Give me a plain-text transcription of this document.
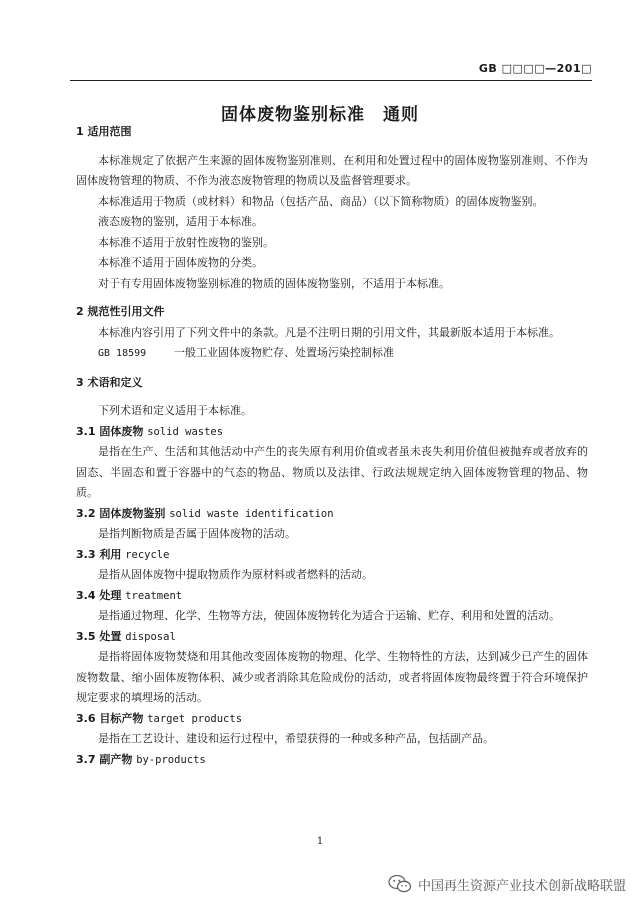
GB □□□□—201□
固体废物鉴别标准　通则

1 适用范围

本标准规定了依据产生来源的固体废物鉴别准则、在利用和处置过程中的固体废物鉴别准则、不作为固体废物管理的物质、不作为液态废物管理的物质以及监督管理要求。

本标准适用于物质（或材料）和物品（包括产品、商品）（以下简称物质）的固体废物鉴别。

液态废物的鉴别，适用于本标准。

本标准不适用于放射性废物的鉴别。

本标准不适用于固体废物的分类。

对于有专用固体废物鉴别标准的物质的固体废物鉴别，不适用于本标准。

2 规范性引用文件

本标准内容引用了下列文件中的条款。凡是不注明日期的引用文件，其最新版本适用于本标准。

GB 18599	一般工业固体废物贮存、处置场污染控制标准

3 术语和定义

下列术语和定义适用于本标准。

3.1 固体废物 solid wastes

是指在生产、生活和其他活动中产生的丧失原有利用价值或者虽未丧失利用价值但被抛弃或者放弃的固态、半固态和置于容器中的气态的物品、物质以及法律、行政法规规定纳入固体废物管理的物品、物质。

3.2 固体废物鉴别 solid waste identification

是指判断物质是否属于固体废物的活动。

3.3 利用 recycle

是指从固体废物中提取物质作为原材料或者燃料的活动。

3.4 处理 treatment

是指通过物理、化学、生物等方法，使固体废物转化为适合于运输、贮存、利用和处置的活动。

3.5 处置 disposal

是指将固体废物焚烧和用其他改变固体废物的物理、化学、生物特性的方法，达到减少已产生的固体废物数量、缩小固体废物体积、减少或者消除其危险成份的活动，或者将固体废物最终置于符合环境保护规定要求的填埋场的活动。

3.6 目标产物 target products

是指在工艺设计、建设和运行过程中，希望获得的一种或多种产品，包括副产品。

3.7 副产物 by-products

1
中国再生资源产业技术创新战略联盟
